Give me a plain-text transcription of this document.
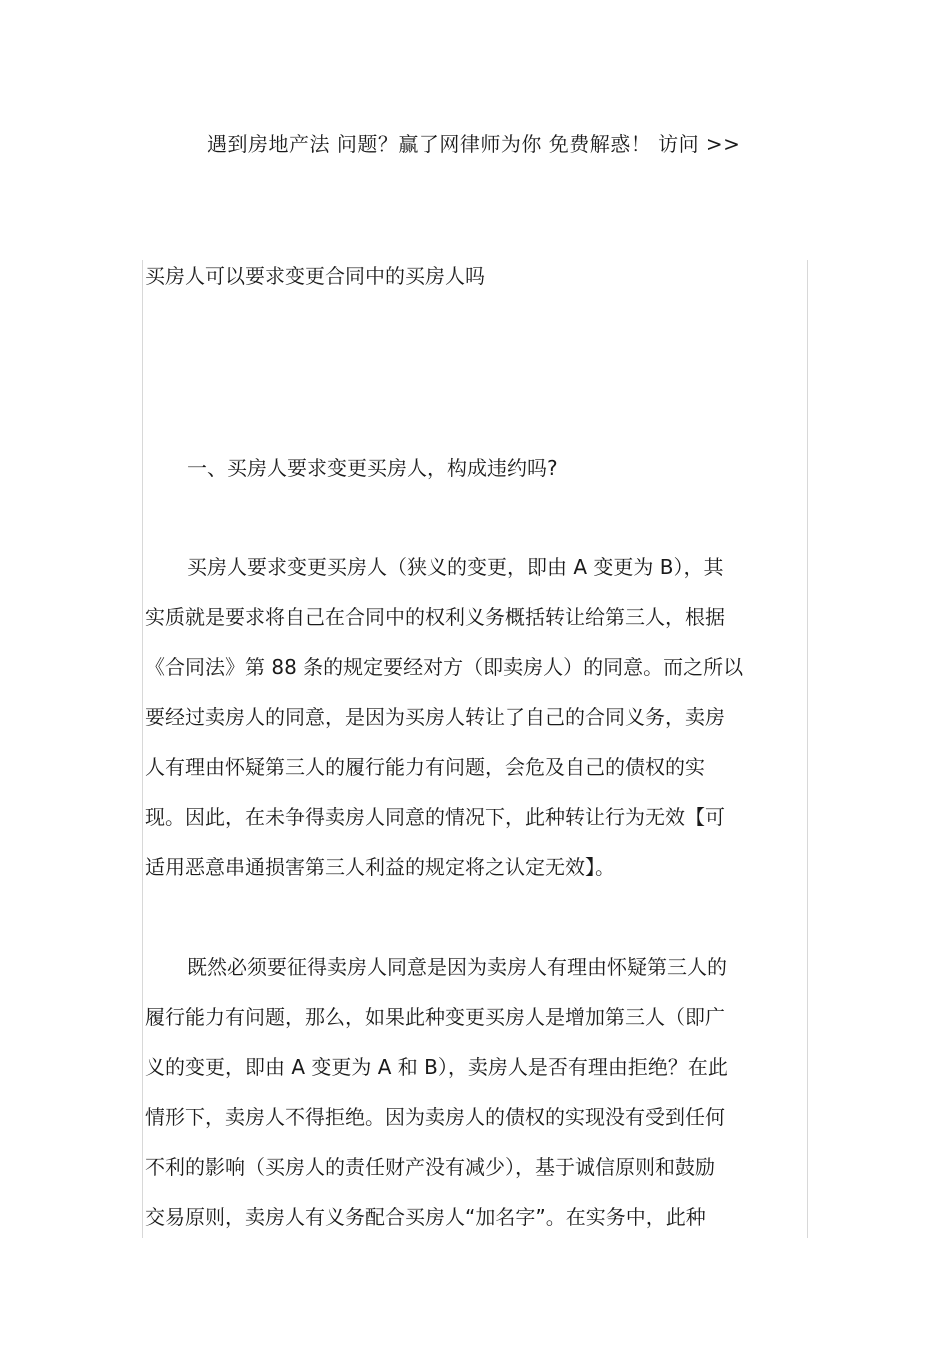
遇到房地产法 问题？赢了网律师为你 免费解惑！ 访问 >>
买房人可以要求变更合同中的买房人吗
一、买房人要求变更买房人，构成违约吗?
买房人要求变更买房人（狭义的变更，即由 A 变更为 B），其
实质就是要求将自己在合同中的权利义务概括转让给第三人，根据
《合同法》第 88 条的规定要经对方（即卖房人）的同意。而之所以
要经过卖房人的同意，是因为买房人转让了自己的合同义务，卖房
人有理由怀疑第三人的履行能力有问题，会危及自己的债权的实
现。因此，在未争得卖房人同意的情况下，此种转让行为无效【可
适用恶意串通损害第三人利益的规定将之认定无效】。
既然必须要征得卖房人同意是因为卖房人有理由怀疑第三人的
履行能力有问题，那么，如果此种变更买房人是增加第三人（即广
义的变更，即由 A 变更为 A 和 B），卖房人是否有理由拒绝？在此
情形下，卖房人不得拒绝。因为卖房人的债权的实现没有受到任何
不利的影响（买房人的责任财产没有减少），基于诚信原则和鼓励
交易原则，卖房人有义务配合买房人“加名字”。在实务中，此种
